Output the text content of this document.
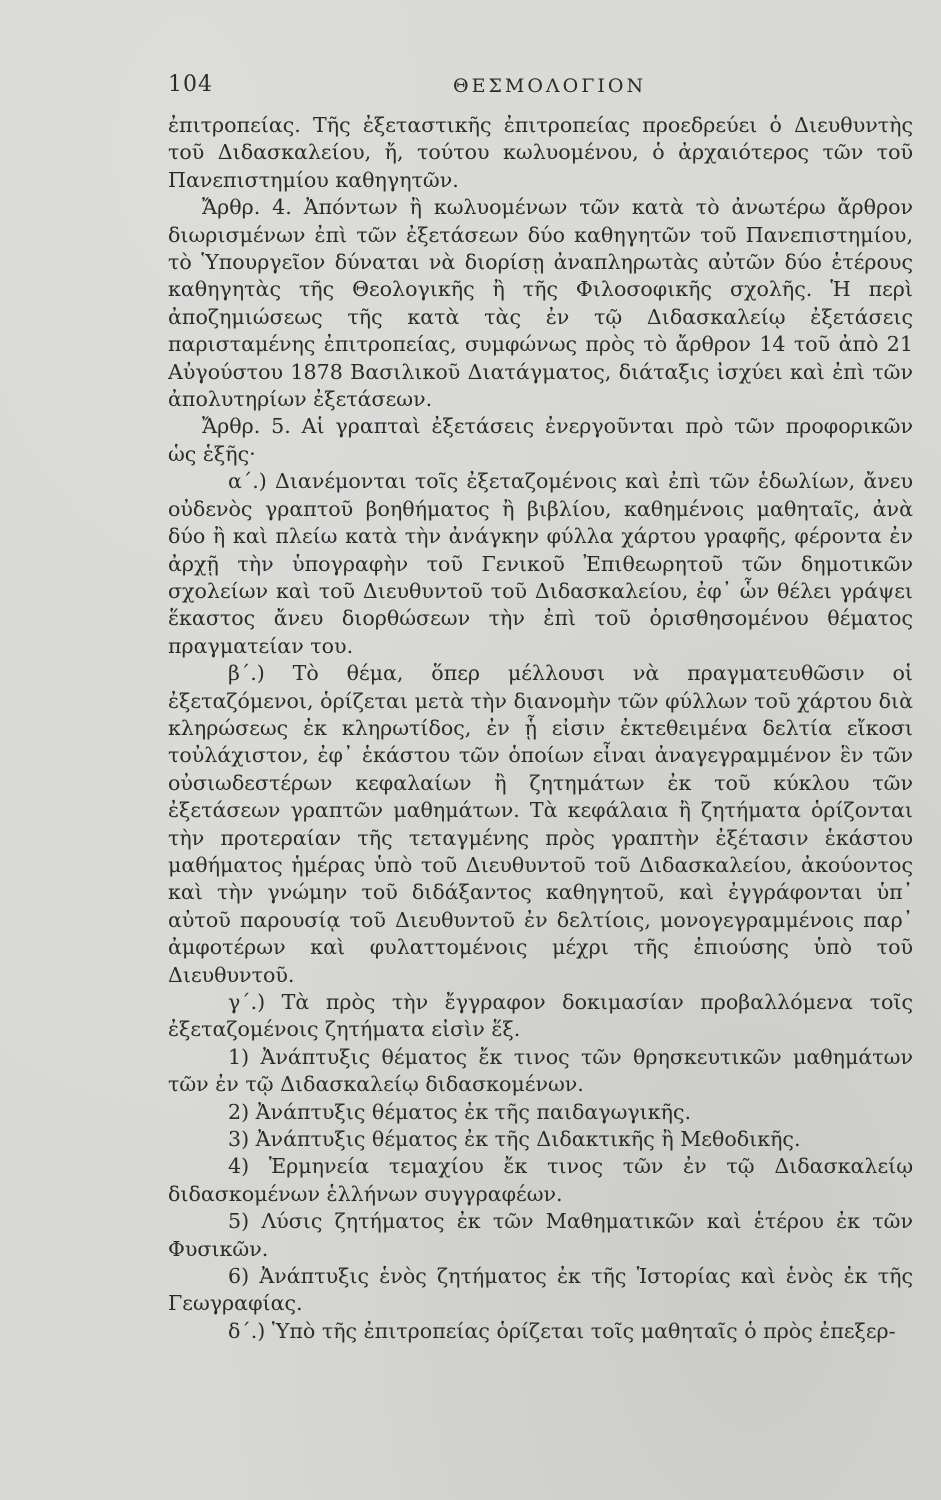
104	ΘΕΣΜΟΛΟΓΙΟΝ

ἐπιτροπείας. Τῆς ἐξεταστικῆς ἐπιτροπείας προεδρεύει ὁ Διευθυντὴς τοῦ Διδασκαλείου, ἤ, τούτου κωλυομένου, ὁ ἀρχαιότερος τῶν τοῦ Πανεπιστημίου καθηγητῶν.

Ἄρθρ. 4. Ἀπόντων ἢ κωλυομένων τῶν κατὰ τὸ ἀνωτέρω ἄρθρον διωρισμένων ἐπὶ τῶν ἐξετάσεων δύο καθηγητῶν τοῦ Πανεπιστημίου, τὸ Ὑπουργεῖον δύναται νὰ διορίσῃ ἀναπληρωτὰς αὐτῶν δύο ἑτέρους καθηγητὰς τῆς Θεολογικῆς ἢ τῆς Φιλοσοφικῆς σχολῆς. Ἡ περὶ ἀποζημιώσεως τῆς κατὰ τὰς ἐν τῷ Διδασκαλείῳ ἐξετάσεις παρισταμένης ἐπιτροπείας, συμφώνως πρὸς τὸ ἄρθρον 14 τοῦ ἀπὸ 21 Αὐγούστου 1878 Βασιλικοῦ Διατάγματος, διάταξις ἰσχύει καὶ ἐπὶ τῶν ἀπολυτηρίων ἐξετάσεων.

Ἄρθρ. 5. Αἱ γραπταὶ ἐξετάσεις ἐνεργοῦνται πρὸ τῶν προφορικῶν ὡς ἑξῆς·

α΄.) Διανέμονται τοῖς ἐξεταζομένοις καὶ ἐπὶ τῶν ἑδωλίων, ἄνευ οὐδενὸς γραπτοῦ βοηθήματος ἢ βιβλίου, καθημένοις μαθηταῖς, ἀνὰ δύο ἢ καὶ πλείω κατὰ τὴν ἀνάγκην φύλλα χάρτου γραφῆς, φέροντα ἐν ἀρχῇ τὴν ὑπογραφὴν τοῦ Γενικοῦ Ἐπιθεωρητοῦ τῶν δημοτικῶν σχολείων καὶ τοῦ Διευθυντοῦ τοῦ Διδασκαλείου, ἐφ᾿ ὧν θέλει γράψει ἕκαστος ἄνευ διορθώσεων τὴν ἐπὶ τοῦ ὁρισθησομένου θέματος πραγματείαν του.

β΄.) Τὸ θέμα, ὅπερ μέλλουσι νὰ πραγματευθῶσιν οἱ ἐξεταζόμενοι, ὁρίζεται μετὰ τὴν διανομὴν τῶν φύλλων τοῦ χάρτου διὰ κληρώσεως ἐκ κληρωτίδος, ἐν ᾗ εἰσιν ἐκτεθειμένα δελτία εἴκοσι τοὐλάχιστον, ἐφ᾿ ἑκάστου τῶν ὁποίων εἶναι ἀναγεγραμμένον ἓν τῶν οὐσιωδεστέρων κεφαλαίων ἢ ζητημάτων ἐκ τοῦ κύκλου τῶν ἐξετάσεων γραπτῶν μαθημάτων. Τὰ κεφάλαια ἢ ζητήματα ὁρίζονται τὴν προτεραίαν τῆς τεταγμένης πρὸς γραπτὴν ἐξέτασιν ἑκάστου μαθήματος ἡμέρας ὑπὸ τοῦ Διευθυντοῦ τοῦ Διδασκαλείου, ἀκούοντος καὶ τὴν γνώμην τοῦ διδάξαντος καθηγητοῦ, καὶ ἐγγράφονται ὑπ᾿ αὐτοῦ παρουσίᾳ τοῦ Διευθυντοῦ ἐν δελτίοις, μονογεγραμμένοις παρ᾿ ἀμφοτέρων καὶ φυλαττομένοις μέχρι τῆς ἐπιούσης ὑπὸ τοῦ Διευθυντοῦ.

γ΄.) Τὰ πρὸς τὴν ἔγγραφον δοκιμασίαν προβαλλόμενα τοῖς ἐξεταζομένοις ζητήματα εἰσὶν ἕξ.

1) Ἀνάπτυξις θέματος ἔκ τινος τῶν θρησκευτικῶν μαθημάτων τῶν ἐν τῷ Διδασκαλείῳ διδασκομένων.

2) Ἀνάπτυξις θέματος ἐκ τῆς παιδαγωγικῆς.

3) Ἀνάπτυξις θέματος ἐκ τῆς Διδακτικῆς ἢ Μεθοδικῆς.

4) Ἑρμηνεία τεμαχίου ἔκ τινος τῶν ἐν τῷ Διδασκαλείῳ διδασκομένων ἑλλήνων συγγραφέων.

5) Λύσις ζητήματος ἐκ τῶν Μαθηματικῶν καὶ ἑτέρου ἐκ τῶν Φυσικῶν.

6) Ἀνάπτυξις ἑνὸς ζητήματος ἐκ τῆς Ἱστορίας καὶ ἑνὸς ἐκ τῆς Γεωγραφίας.

δ΄.) Ὑπὸ τῆς ἐπιτροπείας ὁρίζεται τοῖς μαθηταῖς ὁ πρὸς ἐπεξερ-
